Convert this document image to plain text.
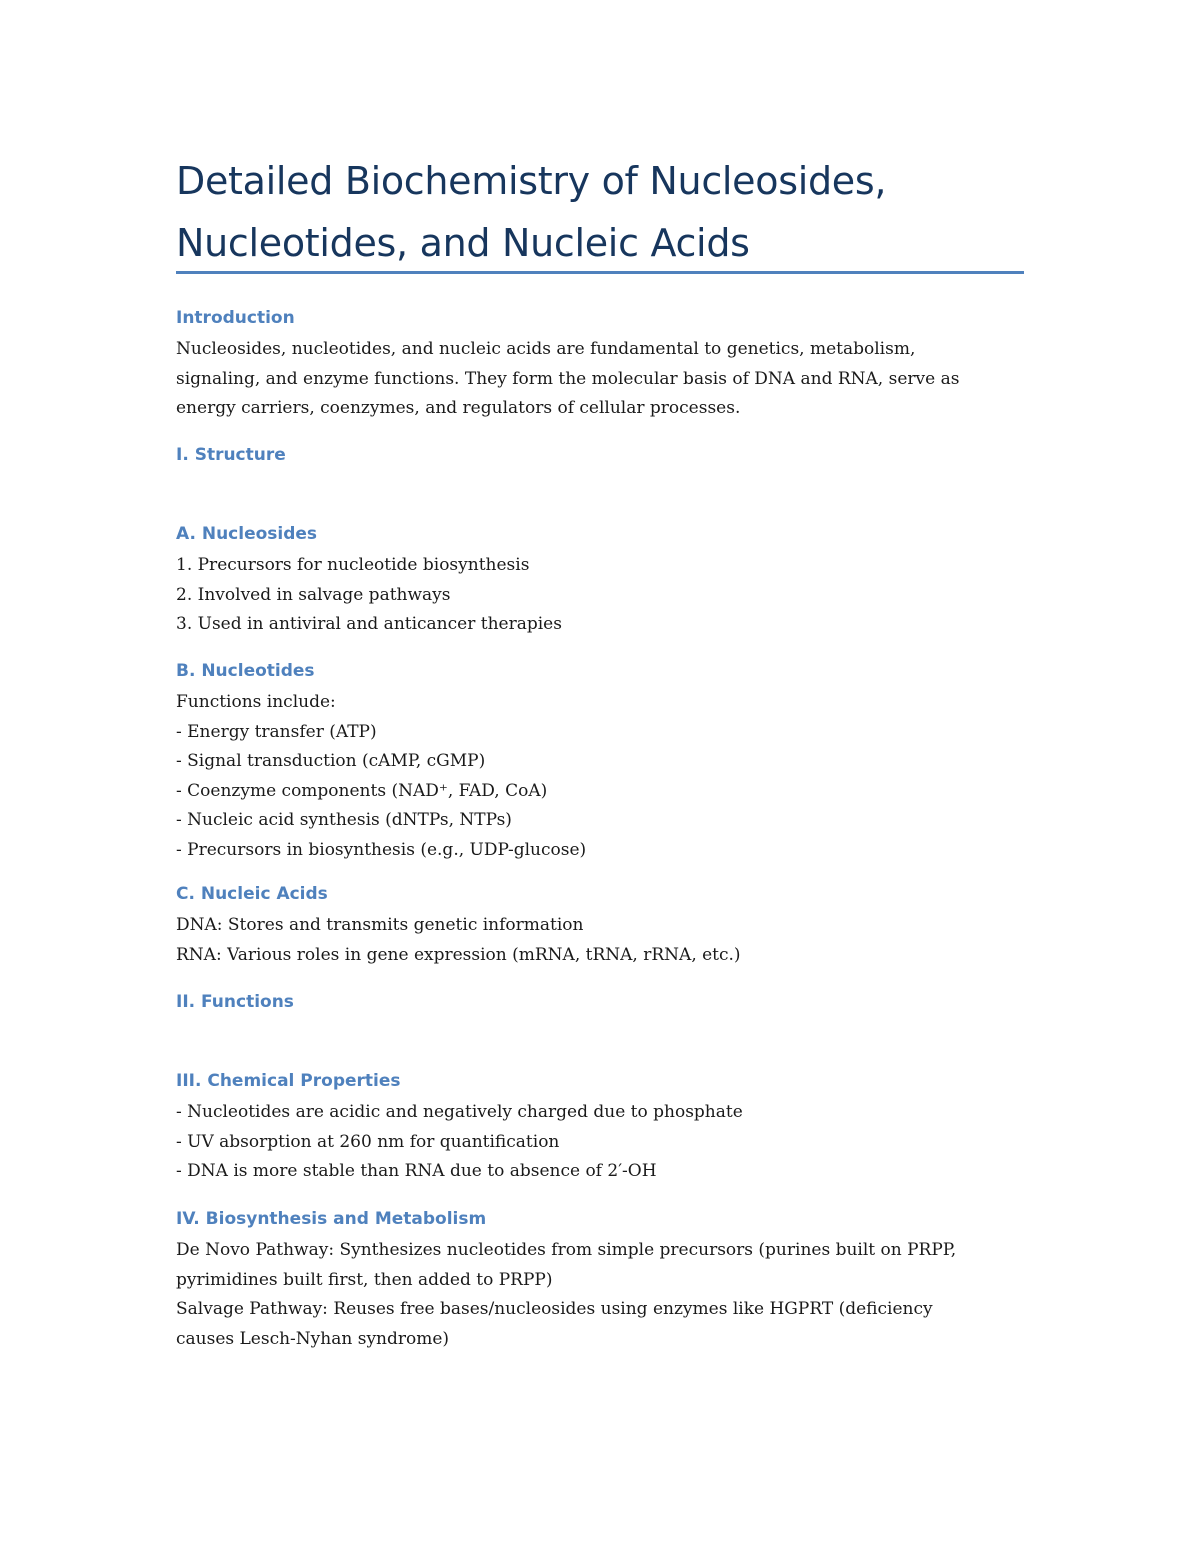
Detailed Biochemistry of Nucleosides, Nucleotides, and Nucleic Acids
Introduction

Nucleosides, nucleotides, and nucleic acids are fundamental to genetics, metabolism,

signaling, and enzyme functions. They form the molecular basis of DNA and RNA, serve as

energy carriers, coenzymes, and regulators of cellular processes.

I. Structure
A. Nucleosides

1. Precursors for nucleotide biosynthesis

2. Involved in salvage pathways

3. Used in antiviral and anticancer therapies

B. Nucleotides

Functions include:

- Energy transfer (ATP)

- Signal transduction (cAMP, cGMP)

- Coenzyme components (NAD⁺, FAD, CoA)

- Nucleic acid synthesis (dNTPs, NTPs)

- Precursors in biosynthesis (e.g., UDP-glucose)

C. Nucleic Acids

DNA: Stores and transmits genetic information

RNA: Various roles in gene expression (mRNA, tRNA, rRNA, etc.)

II. Functions
III. Chemical Properties

- Nucleotides are acidic and negatively charged due to phosphate

- UV absorption at 260 nm for quantification

- DNA is more stable than RNA due to absence of 2′-OH

IV. Biosynthesis and Metabolism

De Novo Pathway: Synthesizes nucleotides from simple precursors (purines built on PRPP,

pyrimidines built first, then added to PRPP)

Salvage Pathway: Reuses free bases/nucleosides using enzymes like HGPRT (deficiency

causes Lesch-Nyhan syndrome)
